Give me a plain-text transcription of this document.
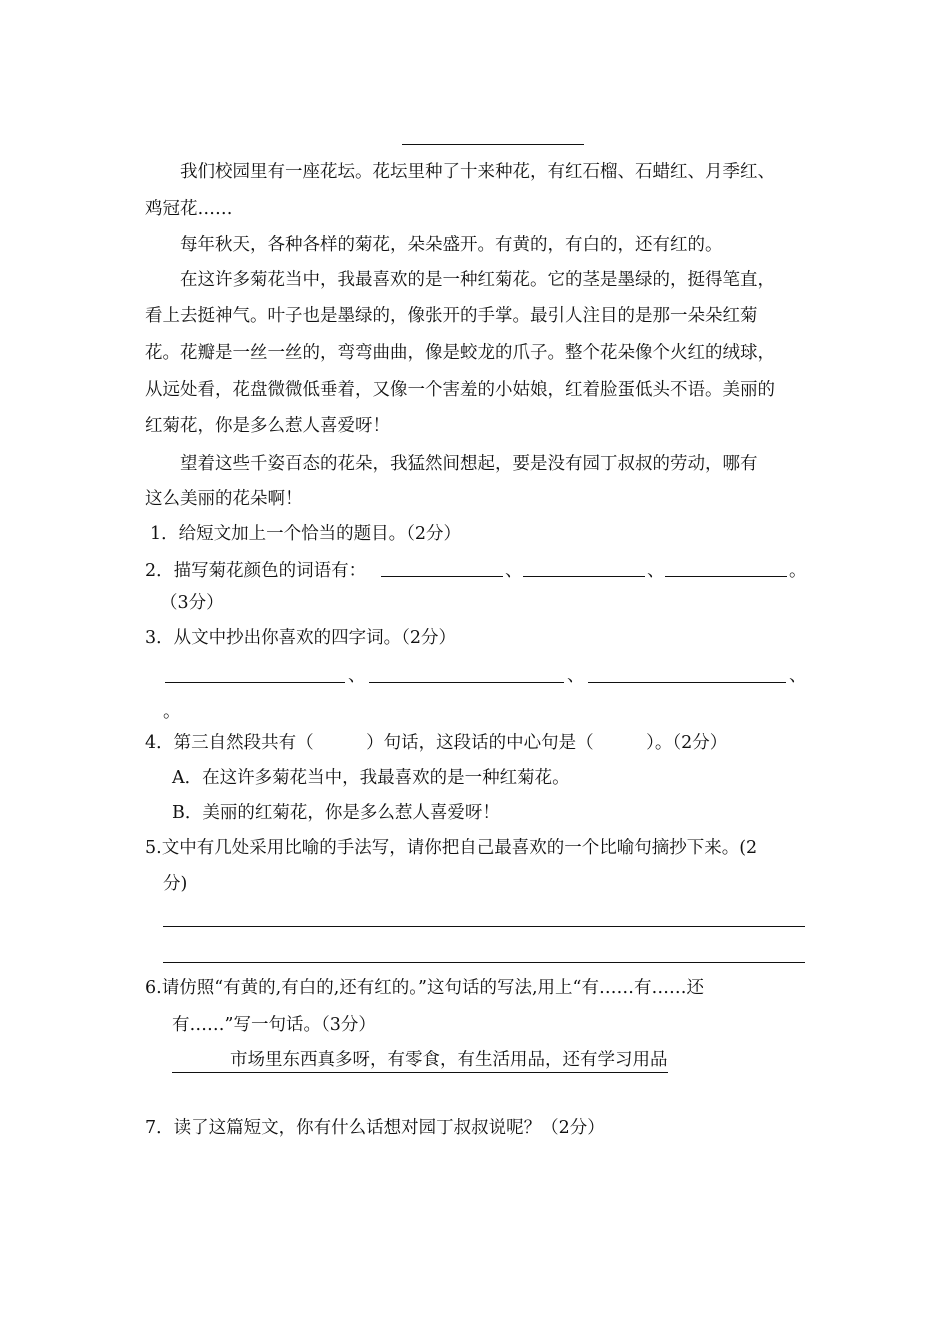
我们校园里有一座花坛。花坛里种了十来种花，有红石榴、石蜡红、月季红、
鸡冠花……
每年秋天，各种各样的菊花，朵朵盛开。有黄的，有白的，还有红的。
在这许多菊花当中，我最喜欢的是一种红菊花。它的茎是墨绿的，挺得笔直，
看上去挺神气。叶子也是墨绿的，像张开的手掌。最引人注目的是那一朵朵红菊
花。花瓣是一丝一丝的，弯弯曲曲，像是蛟龙的爪子。整个花朵像个火红的绒球，
从远处看，花盘微微低垂着，又像一个害羞的小姑娘，红着脸蛋低头不语。美丽的
红菊花，你是多么惹人喜爱呀！
望着这些千姿百态的花朵，我猛然间想起，要是没有园丁叔叔的劳动，哪有
这么美丽的花朵啊！
1．给短文加上一个恰当的题目。（2分）
2．描写菊花颜色的词语有：	、	、	。
（3分）
3．从文中抄出你喜欢的四字词。（2分）
、	、	、
。
4．第三自然段共有（　　　）句话，这段话的中心句是（　　　）。（2分）
A．在这许多菊花当中，我最喜欢的是一种红菊花。
B．美丽的红菊花，你是多么惹人喜爱呀！
5.文中有几处采用比喻的手法写，请你把自己最喜欢的一个比喻句摘抄下来。(2
分)
6.请仿照“有黄的,有白的,还有红的。”这句话的写法,用上“有……有……还
有……”写一句话。（3分）
市场里东西真多呀，有零食，有生活用品，还有学习用品
7．读了这篇短文，你有什么话想对园丁叔叔说呢？（2分）
